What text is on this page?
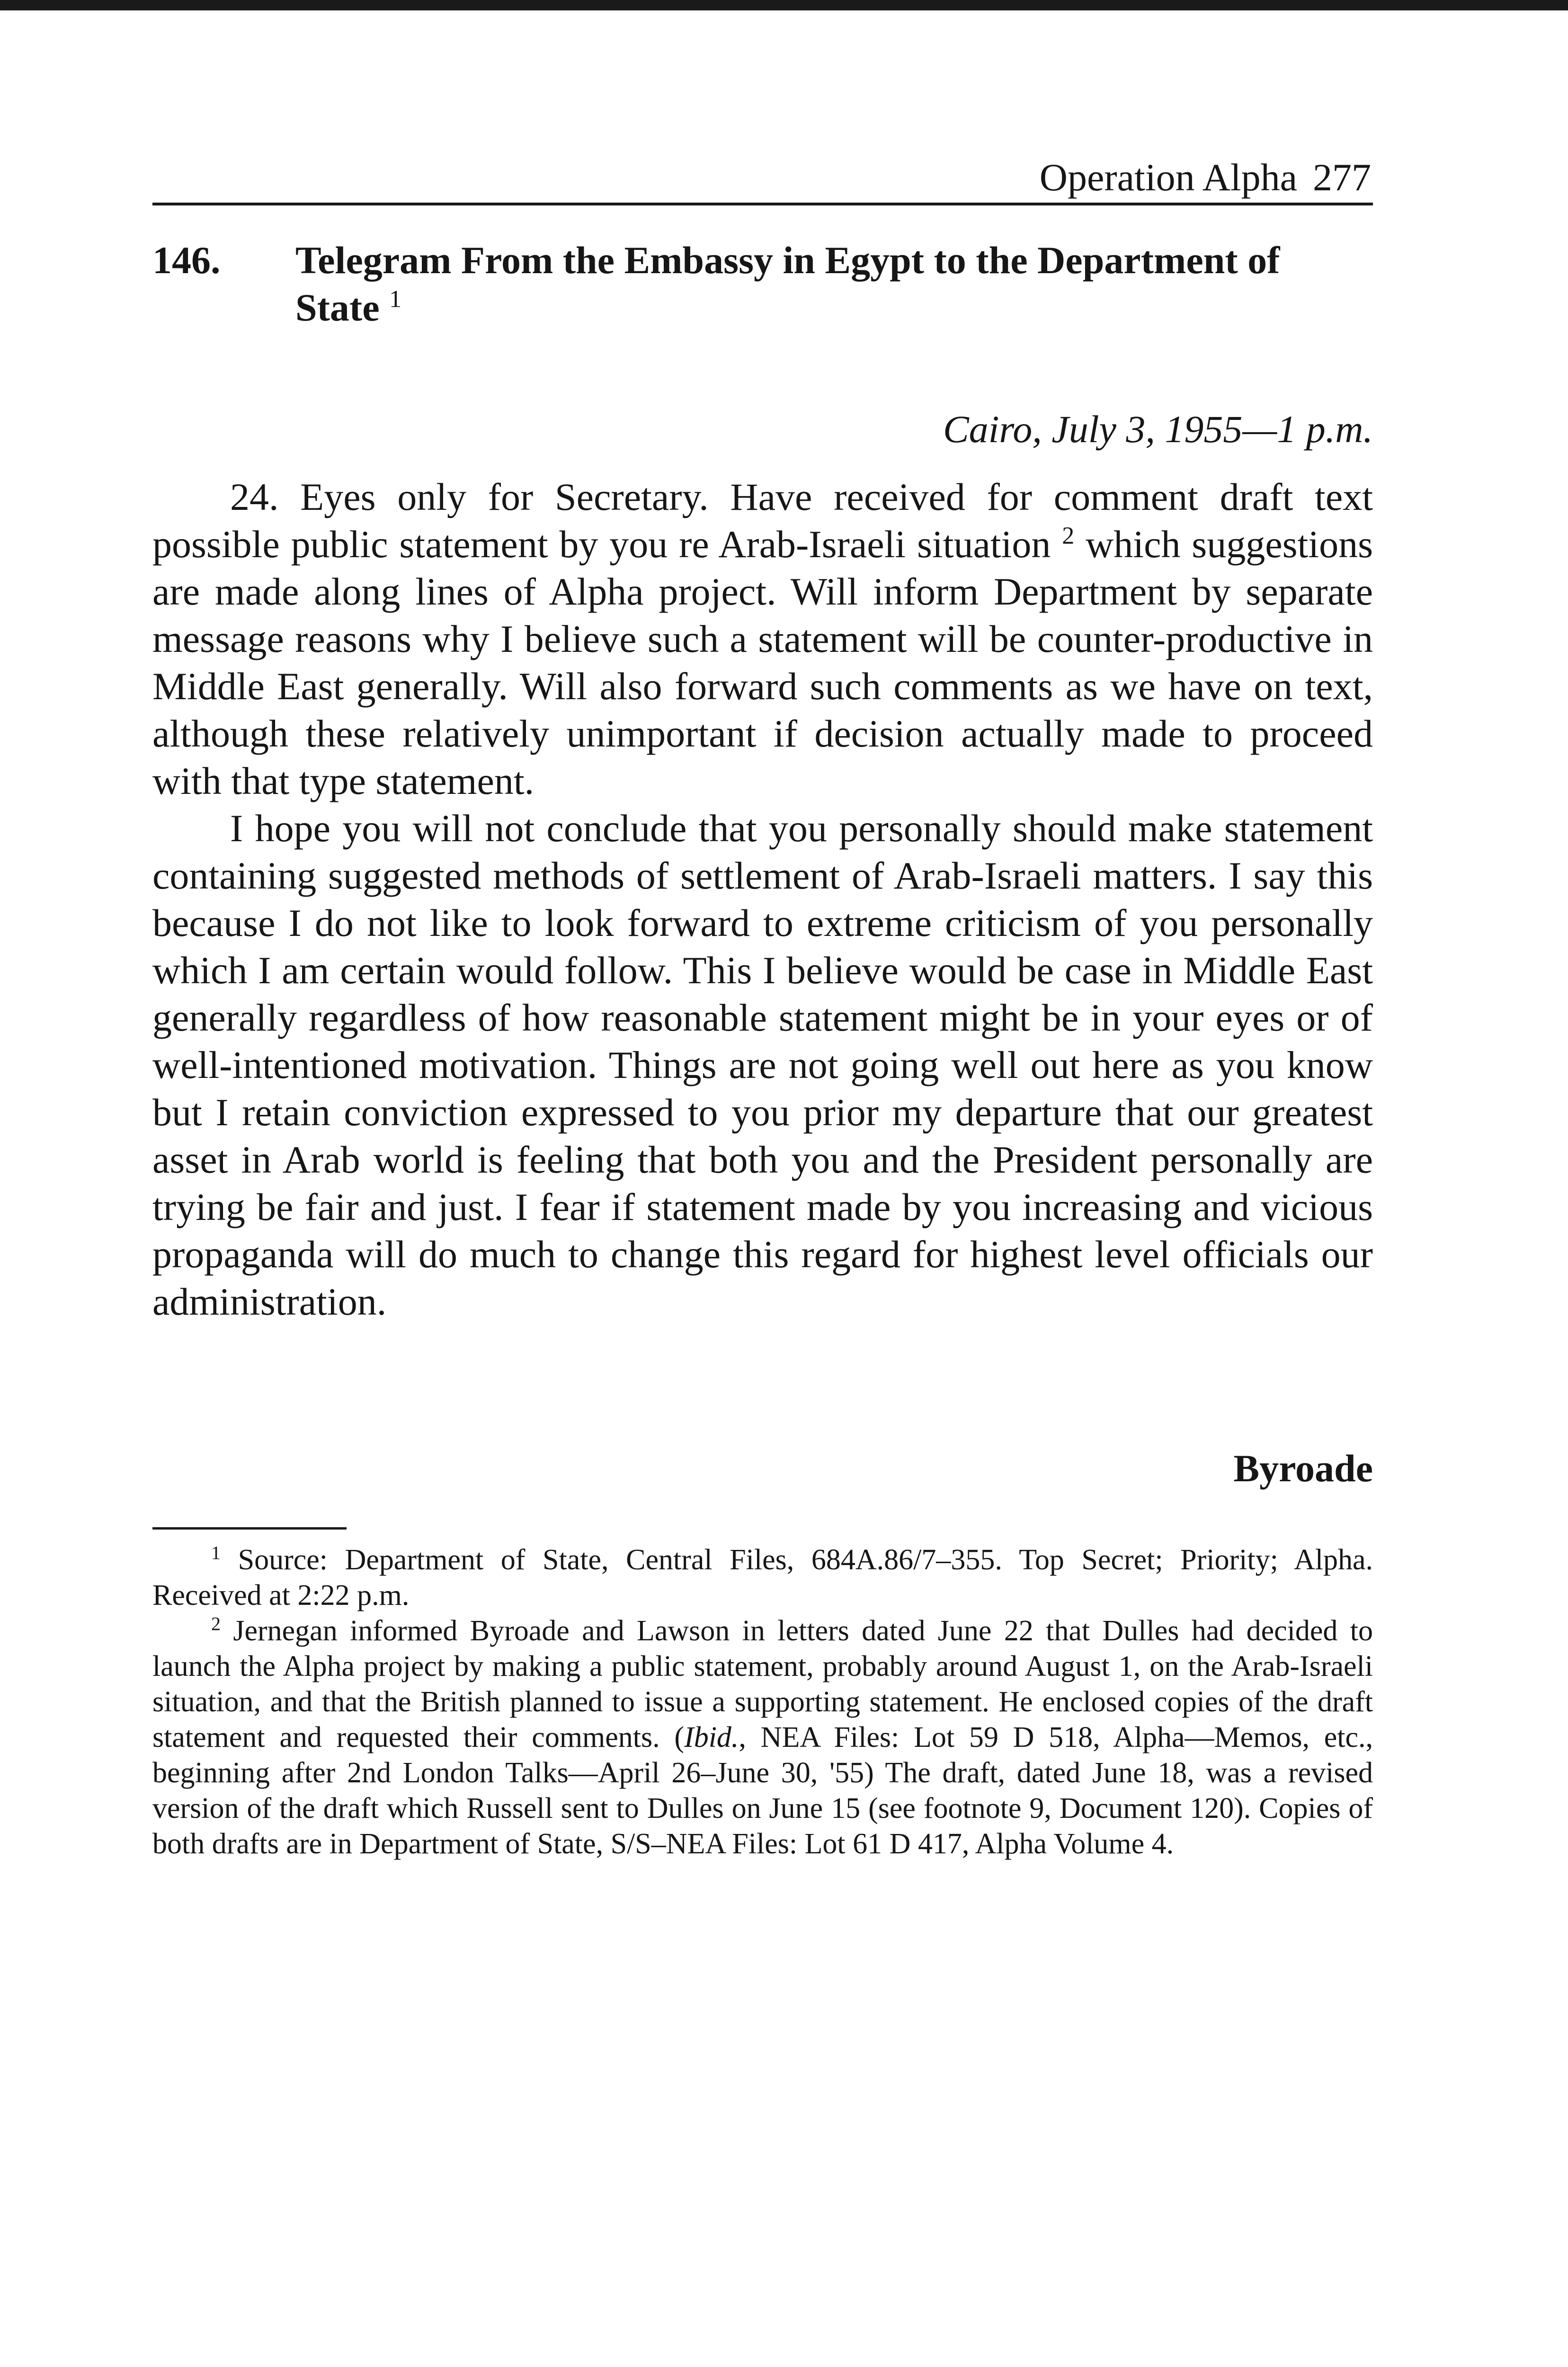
Operation Alpha 277
146. Telegram From the Embassy in Egypt to the Department of State $^1$
Cairo, July 3, 1955—1 p.m.

24. Eyes only for Secretary. Have received for comment draft text possible public statement by you re Arab-Israeli situation $^2$ which suggestions are made along lines of Alpha project. Will inform Department by separate message reasons why I believe such a statement will be counter-productive in Middle East generally. Will also forward such comments as we have on text, although these relatively unimportant if decision actually made to proceed with that type statement.

I hope you will not conclude that you personally should make statement containing suggested methods of settlement of Arab-Israeli matters. I say this because I do not like to look forward to extreme criticism of you personally which I am certain would follow. This I believe would be case in Middle East generally regardless of how reasonable statement might be in your eyes or of well-intentioned motivation. Things are not going well out here as you know but I retain conviction expressed to you prior my departure that our greatest asset in Arab world is feeling that both you and the President personally are trying be fair and just. I fear if statement made by you increasing and vicious propaganda will do much to change this regard for highest level officials our administration.

Byroade

$^1$ Source: Department of State, Central Files, 684A.86/7–355. Top Secret; Priority; Alpha. Received at 2:22 p.m.

$^2$ Jernegan informed Byroade and Lawson in letters dated June 22 that Dulles had decided to launch the Alpha project by making a public statement, probably around August 1, on the Arab-Israeli situation, and that the British planned to issue a supporting statement. He enclosed copies of the draft statement and requested their comments. (Ibid., NEA Files: Lot 59 D 518, Alpha—Memos, etc., beginning after 2nd London Talks—April 26–June 30, '55) The draft, dated June 18, was a revised version of the draft which Russell sent to Dulles on June 15 (see footnote 9, Document 120). Copies of both drafts are in Department of State, S/S–NEA Files: Lot 61 D 417, Alpha Volume 4.
